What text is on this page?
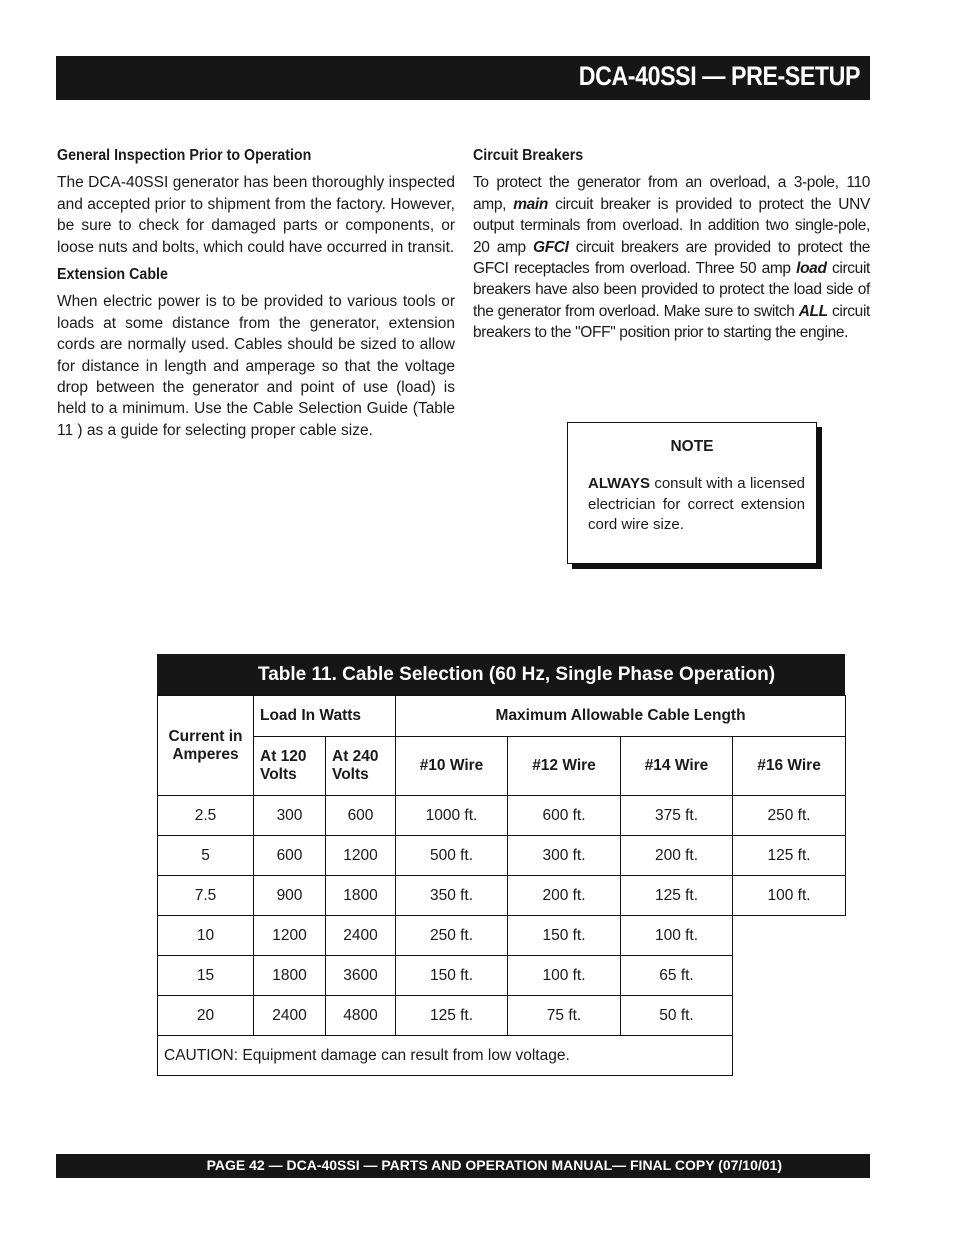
DCA-40SSI — PRE-SETUP
General Inspection Prior to Operation

The DCA-40SSI generator has been thoroughly inspected and accepted prior to shipment from the factory. However, be sure to check for damaged parts or components, or loose nuts and bolts, which could have occurred in transit.

Extension Cable

When electric power is to be provided to various tools or loads at some distance from the generator, extension cords are normally used. Cables should be sized to allow for distance in length and amperage so that the voltage drop between the generator and point of use (load) is held to a minimum. Use the Cable Selection Guide (Table 11 ) as a guide for selecting proper cable size.

Circuit Breakers

To protect the generator from an overload, a 3-pole, 110 amp, main circuit breaker is provided to protect the UNV output terminals from overload. In addition two single-pole, 20 amp GFCI circuit breakers are provided to protect the GFCI receptacles from overload. Three 50 amp load circuit breakers have also been provided to protect the load side of the generator from overload. Make sure to switch ALL circuit breakers to the "OFF" position prior to starting the engine.

NOTE
ALWAYS consult with a licensed electrician for correct extension cord wire size.
Table 11. Cable Selection (60 Hz, Single Phase Operation)
Current in Amperes	Load In Watts		Maximum Allowable Cable Length			
	At 120 Volts	At 240 Volts	#10 Wire	#12 Wire	#14 Wire	#16 Wire
2.5	300	600	1000 ft.	600 ft.	375 ft.	250 ft.
5	600	1200	500 ft.	300 ft.	200 ft.	125 ft.
7.5	900	1800	350 ft.	200 ft.	125 ft.	100 ft.
10	1200	2400	250 ft.	150 ft.	100 ft.	
15	1800	3600	150 ft.	100 ft.	65 ft.	
20	2400	4800	125 ft.	75 ft.	50 ft.	
CAUTION: Equipment damage can result from low voltage.						
PAGE 42 — DCA-40SSI — PARTS AND OPERATION MANUAL— FINAL COPY (07/10/01)
